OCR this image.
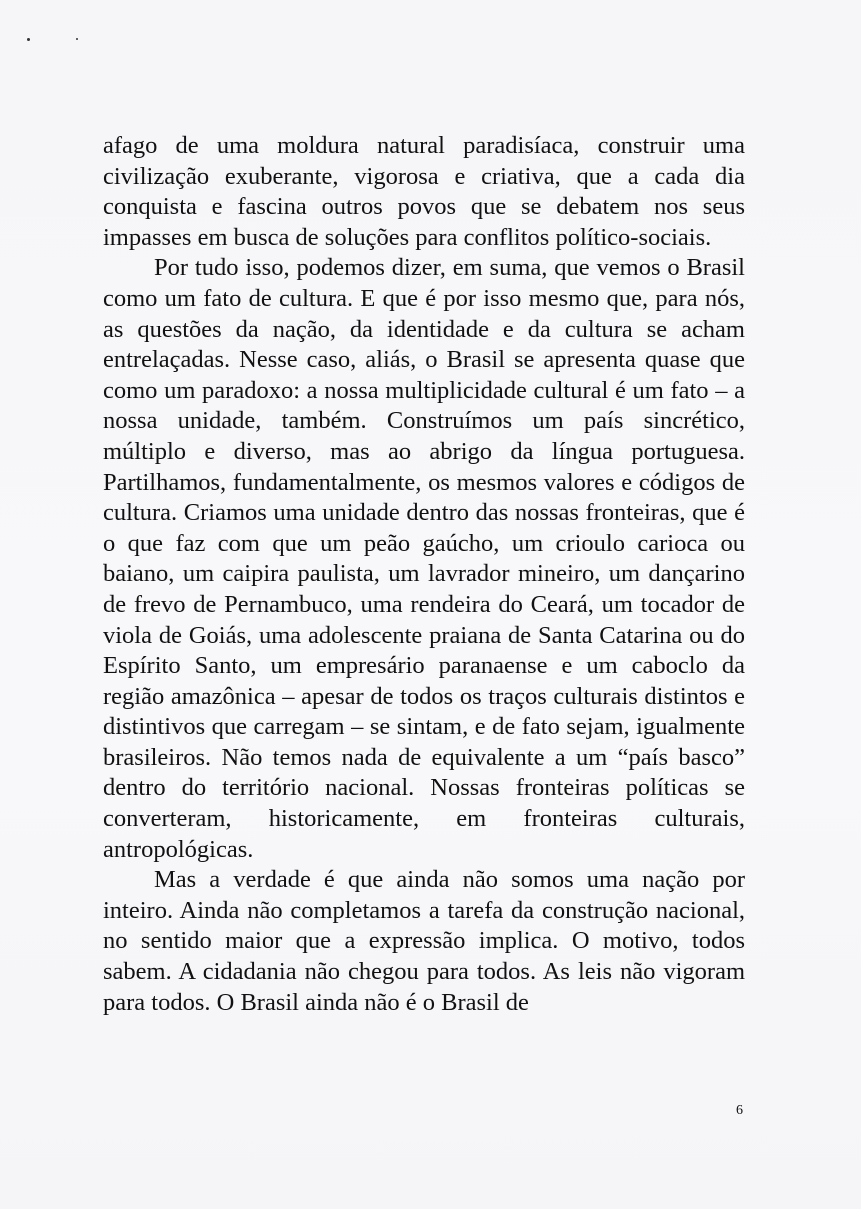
afago de uma moldura natural paradisíaca, construir uma civilização exuberante, vigorosa e criativa, que a cada dia conquista e fascina outros povos que se debatem nos seus impasses em busca de soluções para conflitos político-sociais.

Por tudo isso, podemos dizer, em suma, que vemos o Brasil como um fato de cultura. E que é por isso mesmo que, para nós, as questões da nação, da identidade e da cultura se acham entrelaçadas. Nesse caso, aliás, o Brasil se apresenta quase que como um paradoxo: a nossa multiplicidade cultural é um fato – a nossa unidade, também. Construímos um país sincrético, múltiplo e diverso, mas ao abrigo da língua portuguesa. Partilhamos, fundamentalmente, os mesmos valores e códigos de cultura. Criamos uma unidade dentro das nossas fronteiras, que é o que faz com que um peão gaúcho, um crioulo carioca ou baiano, um caipira paulista, um lavrador mineiro, um dançarino de frevo de Pernambuco, uma rendeira do Ceará, um tocador de viola de Goiás, uma adolescente praiana de Santa Catarina ou do Espírito Santo, um empresário paranaense e um caboclo da região amazônica – apesar de todos os traços culturais distintos e distintivos que carregam – se sintam, e de fato sejam, igualmente brasileiros. Não temos nada de equivalente a um “país basco” dentro do território nacional. Nossas fronteiras políticas se converteram, historicamente, em fronteiras culturais, antropológicas.

Mas a verdade é que ainda não somos uma nação por inteiro. Ainda não completamos a tarefa da construção nacional, no sentido maior que a expressão implica. O motivo, todos sabem. A cidadania não chegou para todos. As leis não vigoram para todos. O Brasil ainda não é o Brasil de

6
